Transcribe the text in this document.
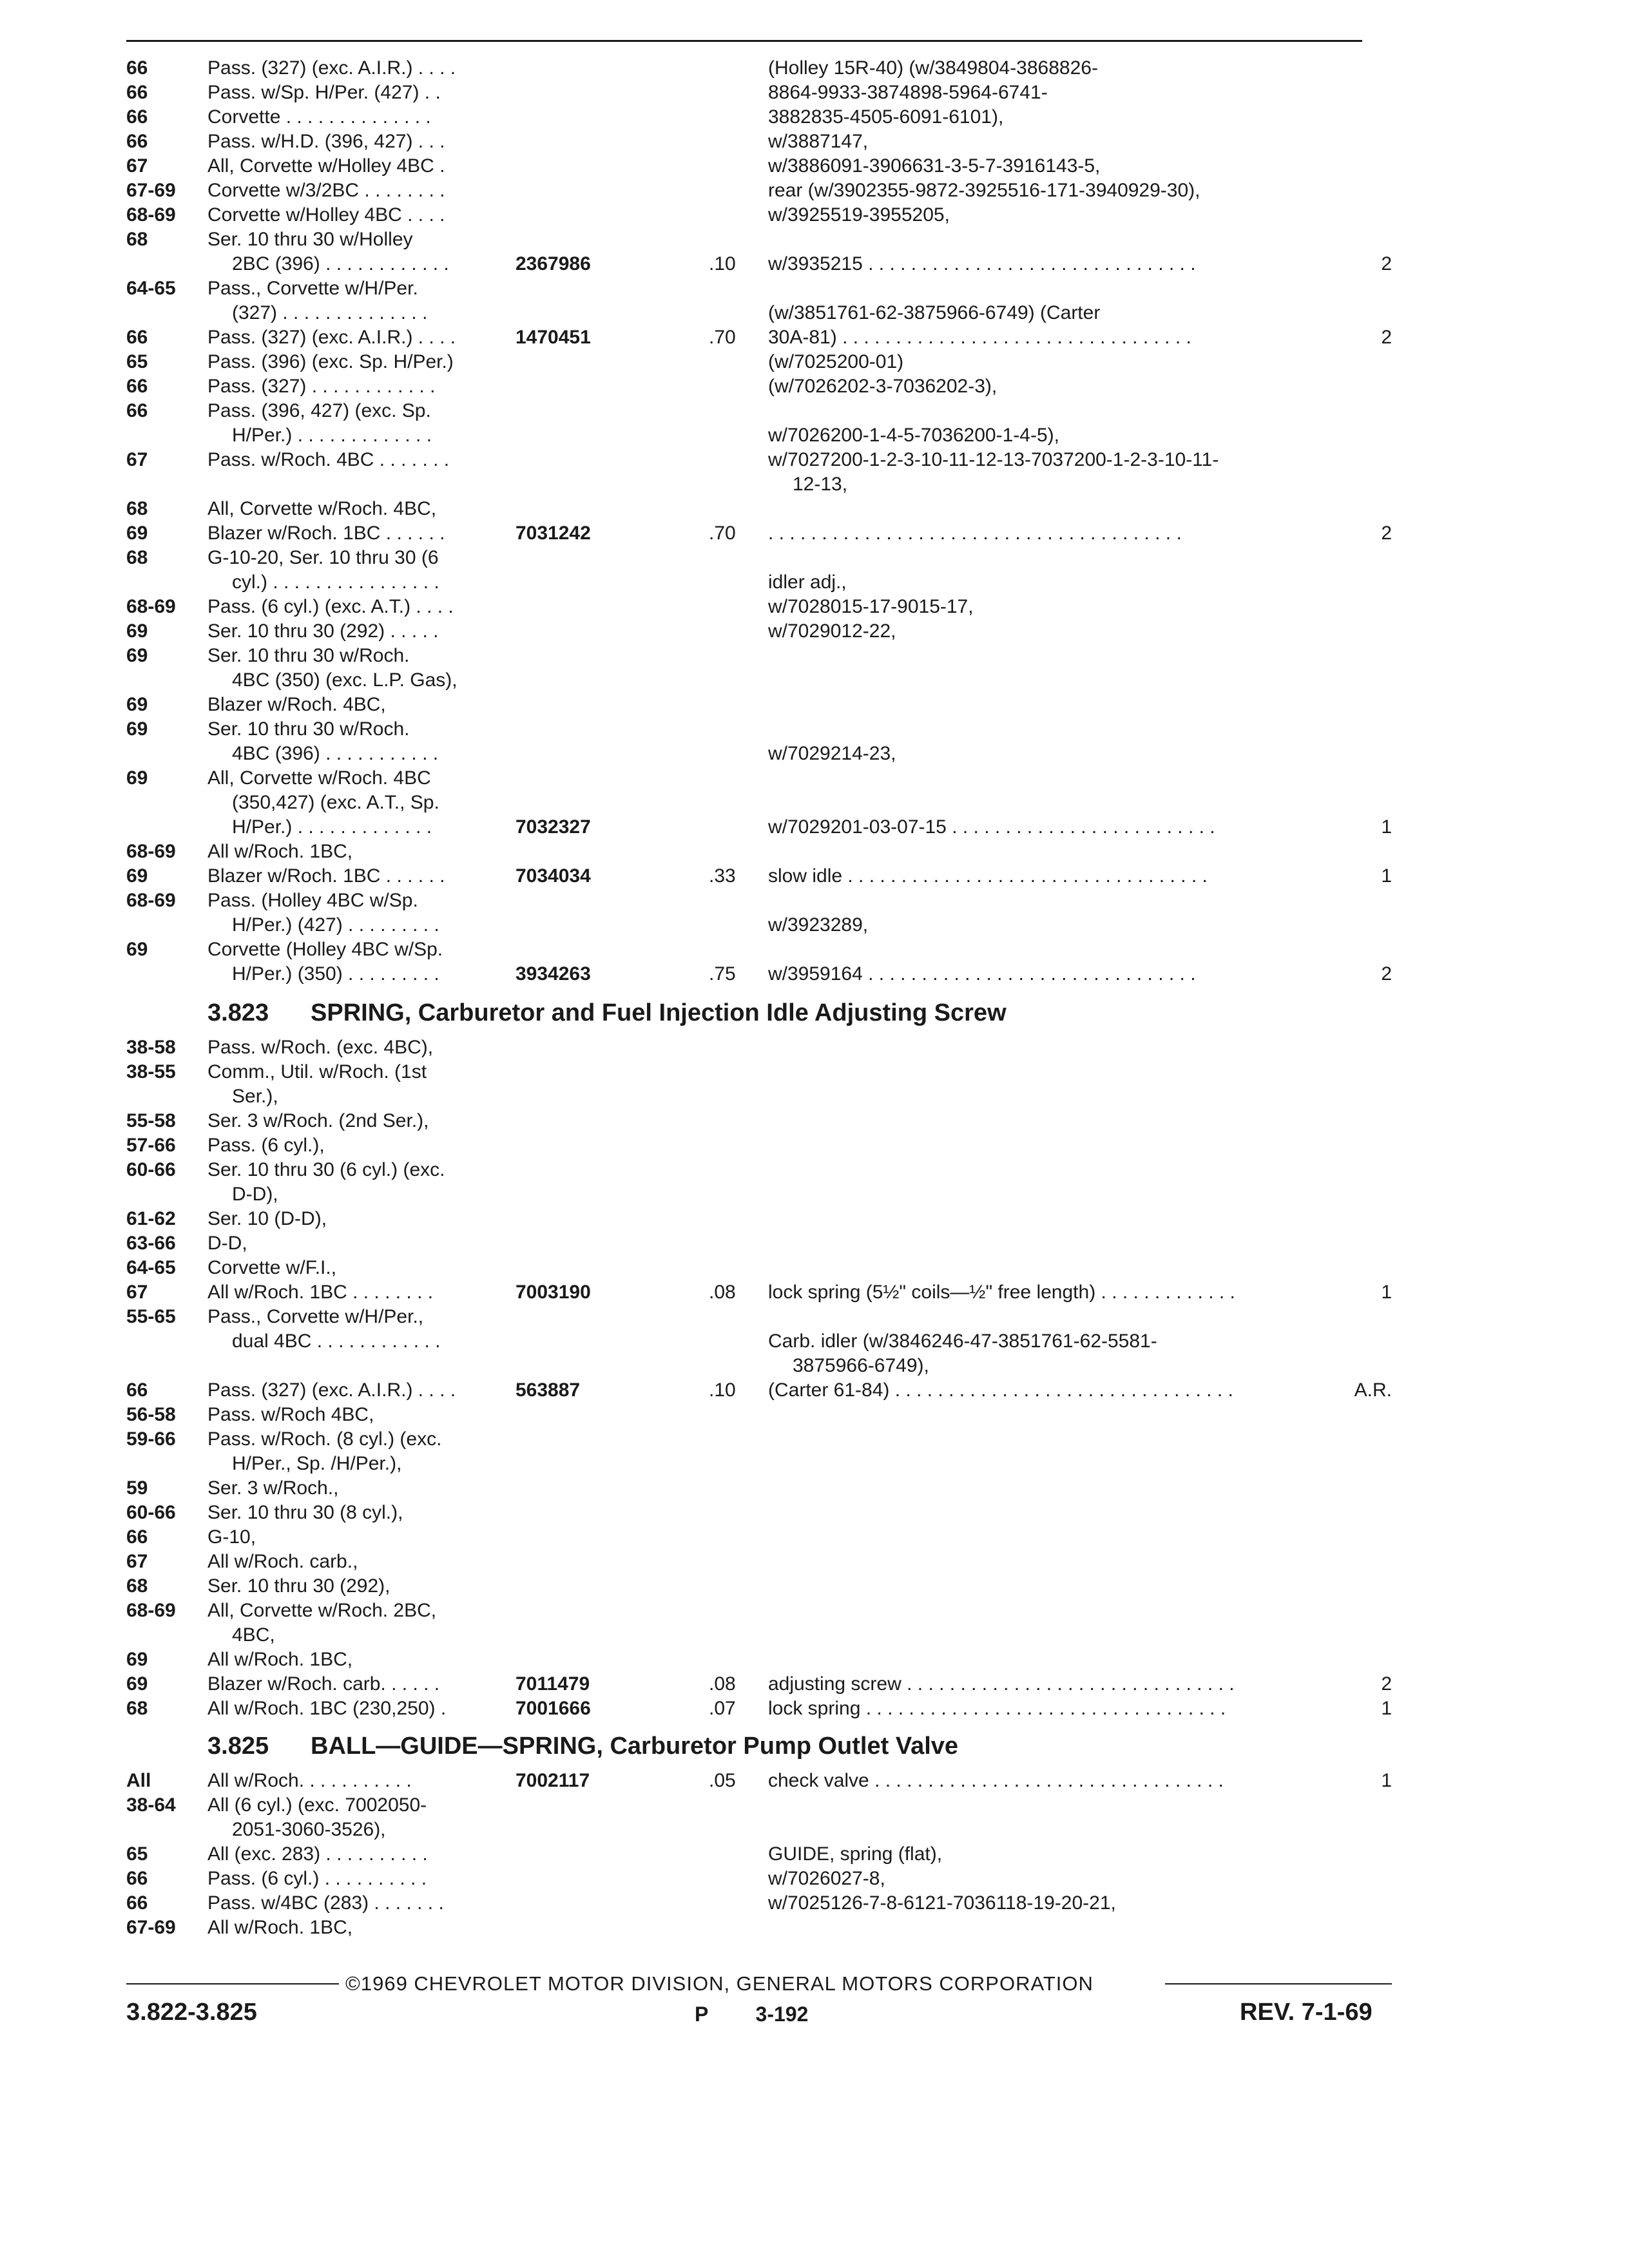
66	Pass. (327) (exc. A.I.R.) . . . .	(Holley 15R-40) (w/3849804-3868826-
66	Pass. w/Sp. H/Per. (427) . .	8864-9933-3874898-5964-6741-
66	Corvette . . . . . . . . . . . . . .	3882835-4505-6091-6101),
66	Pass. w/H.D. (396, 427) . . .	w/3887147,
67	All, Corvette w/Holley 4BC .	w/3886091-3906631-3-5-7-3916143-5,
67-69 Corvette w/3/2BC . . . . . . . .	rear (w/3902355-9872-3925516-171-3940929-30),
68-69 Corvette w/Holley 4BC . . . .	w/3925519-3955205,
68	Ser. 10 thru 30 w/Holley
2BC (396) . . . . . . . . . . . .	2367986	.10 w/3935215 . . . . . . . . . . . . . . . . . . . . . . . . . . . . . . .	2
64-65 Pass., Corvette w/H/Per.
(327) . . . . . . . . . . . . . .	(w/3851761-62-3875966-6749) (Carter
66	Pass. (327) (exc. A.I.R.) . . . .	1470451	.70 30A-81) . . . . . . . . . . . . . . . . . . . . . . . . . . . . . . . . .	2
65	Pass. (396) (exc. Sp. H/Per.)	(w/7025200-01)
66	Pass. (327) . . . . . . . . . . . .	(w/7026202-3-7036202-3),
66	Pass. (396, 427) (exc. Sp.
H/Per.) . . . . . . . . . . . . .	w/7026200-1-4-5-7036200-1-4-5),
67	Pass. w/Roch. 4BC . . . . . . .	w/7027200-1-2-3-10-11-12-13-7037200-1-2-3-10-11-
12-13,
68	All, Corvette w/Roch. 4BC,
69	Blazer w/Roch. 1BC . . . . . .	7031242	.70 . . . . . . . . . . . . . . . . . . . . . . . . . . . . . . . . . . . . . . .	2
68	G-10-20, Ser. 10 thru 30 (6
cyl.) . . . . . . . . . . . . . . . .	idler adj.,
68-69 Pass. (6 cyl.) (exc. A.T.) . . . .	w/7028015-17-9015-17,
69	Ser. 10 thru 30 (292) . . . . .	w/7029012-22,
69	Ser. 10 thru 30 w/Roch.
4BC (350) (exc. L.P. Gas),
69	Blazer w/Roch. 4BC,
69	Ser. 10 thru 30 w/Roch.
4BC (396) . . . . . . . . . . .	w/7029214-23,
69	All, Corvette w/Roch. 4BC
(350,427) (exc. A.T., Sp.
H/Per.) . . . . . . . . . . . . .	7032327	w/7029201-03-07-15 . . . . . . . . . . . . . . . . . . . . . . . . .	1
68-69 All w/Roch. 1BC,
69	Blazer w/Roch. 1BC . . . . . .	7034034	.33 slow idle . . . . . . . . . . . . . . . . . . . . . . . . . . . . . . . . . .	1
68-69 Pass. (Holley 4BC w/Sp.
H/Per.) (427) . . . . . . . . .	w/3923289,
69	Corvette (Holley 4BC w/Sp.
H/Per.) (350) . . . . . . . . .	3934263	.75 w/3959164 . . . . . . . . . . . . . . . . . . . . . . . . . . . . . . .	2
38-58 Pass. w/Roch. (exc. 4BC),
38-55 Comm., Util. w/Roch. (1st
Ser.),
55-58 Ser. 3 w/Roch. (2nd Ser.),
57-66 Pass. (6 cyl.),
60-66 Ser. 10 thru 30 (6 cyl.) (exc.
D-D),
61-62 Ser. 10 (D-D),
63-66 D-D,
64-65 Corvette w/F.I.,
67	All w/Roch. 1BC . . . . . . . .	7003190	.08 lock spring (5½" coils—½" free length) . . . . . . . . . . . . .	1
55-65 Pass., Corvette w/H/Per.,
dual 4BC . . . . . . . . . . . .	Carb. idler (w/3846246-47-3851761-62-5581-
3875966-6749),
66	Pass. (327) (exc. A.I.R.) . . . .	563887	.10 (Carter 61-84) . . . . . . . . . . . . . . . . . . . . . . . . . . . . . . . .	A.R.
56-58 Pass. w/Roch 4BC,
59-66 Pass. w/Roch. (8 cyl.) (exc.
H/Per., Sp. /H/Per.),
59	Ser. 3 w/Roch.,
60-66 Ser. 10 thru 30 (8 cyl.),
66	G-10,
67	All w/Roch. carb.,
68	Ser. 10 thru 30 (292),
68-69 All, Corvette w/Roch. 2BC,
4BC,
69	All w/Roch. 1BC,
69	Blazer w/Roch. carb. . . . . .	7011479	.08 adjusting screw . . . . . . . . . . . . . . . . . . . . . . . . . . . . . . .	2
68	All w/Roch. 1BC (230,250) .	7001666	.07 lock spring . . . . . . . . . . . . . . . . . . . . . . . . . . . . . . . . . .	1
All	All w/Roch. . . . . . . . . . .	7002117	.05 check valve . . . . . . . . . . . . . . . . . . . . . . . . . . . . . . . . .	1
38-64 All (6 cyl.) (exc. 7002050-
2051-3060-3526),
65	All (exc. 283) . . . . . . . . . .	GUIDE, spring (flat),
66	Pass. (6 cyl.) . . . . . . . . . .	w/7026027-8,
66	Pass. w/4BC (283) . . . . . . .	w/7025126-7-8-6121-7036118-19-20-21,
67-69 All w/Roch. 1BC,
3.823 SPRING, Carburetor and Fuel Injection Idle Adjusting Screw
3.825 BALL—GUIDE—SPRING, Carburetor Pump Outlet Valve
©1969 CHEVROLET MOTOR DIVISION, GENERAL MOTORS CORPORATION
3.822-3.825	P 3-192	REV. 7-1-69
